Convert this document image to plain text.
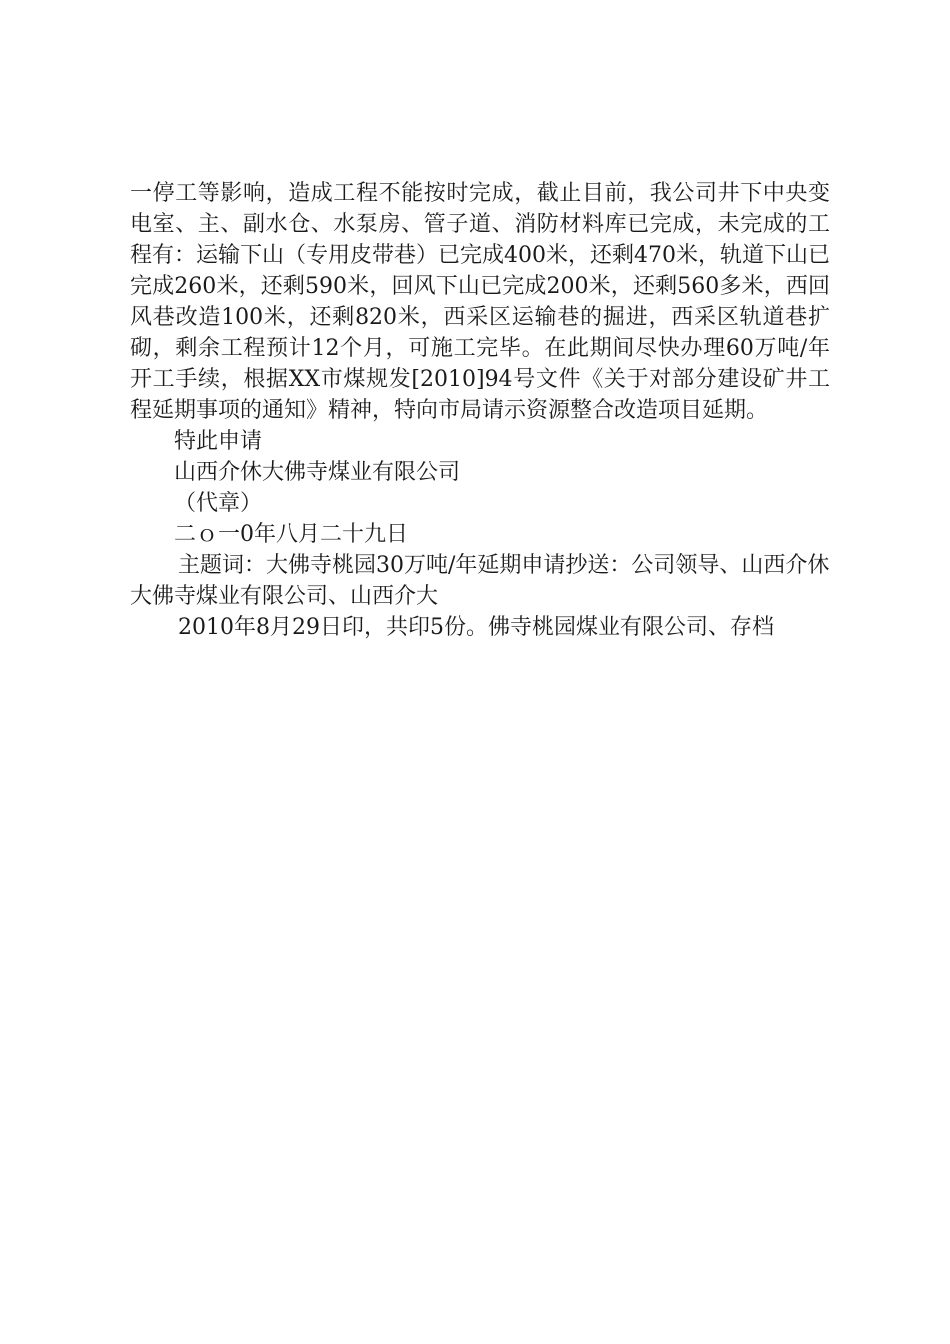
一停工等影响，造成工程不能按时完成，截止目前，我公司井下中央变电室、主、副水仓、水泵房、管子道、消防材料库已完成，未完成的工程有：运输下山（专用皮带巷）已完成400米，还剩470米，轨道下山已完成260米，还剩590米，回风下山已完成200米，还剩560多米，西回风巷改造100米，还剩820米，西采区运输巷的掘进，西采区轨道巷扩砌，剩余工程预计12个月，可施工完毕。在此期间尽快办理60万吨/年开工手续，根据XX市煤规发[2010]94号文件《关于对部分建设矿井工程延期事项的通知》精神，特向市局请示资源整合改造项目延期。

特此申请

山西介休大佛寺煤业有限公司

（代章）

二ｏ一0年八月二十九日

主题词：大佛寺桃园30万吨/年延期申请抄送：公司领导、山西介休大佛寺煤业有限公司、山西介大

2010年8月29日印，共印5份。佛寺桃园煤业有限公司、存档
